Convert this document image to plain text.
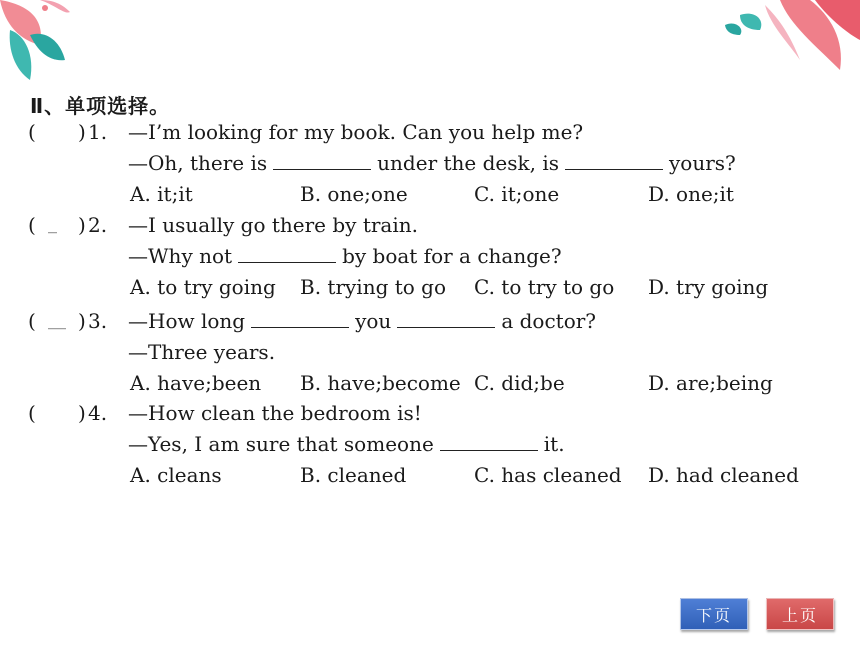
Ⅱ、单项选择。
( ) 1. —I’m looking for my book. Can you help me?
—Oh, there is	under the desk, is	yours?
A. it;it	B. one;one	C. it;one	D. one;it
( _ ) 2. —I usually go there by train.
—Why not	by boat for a change?
A. to try going B. trying to go C. to try to go D. try going
( __ ) 3. —How long	you	a doctor?
—Three years.
A. have;been B. have;become C. did;be	D. are;being
( ) 4. —How clean the bedroom is!
—Yes, I am sure that someone	it.
A. cleans	B. cleaned	C. has cleaned D. had cleaned
下页	上页
